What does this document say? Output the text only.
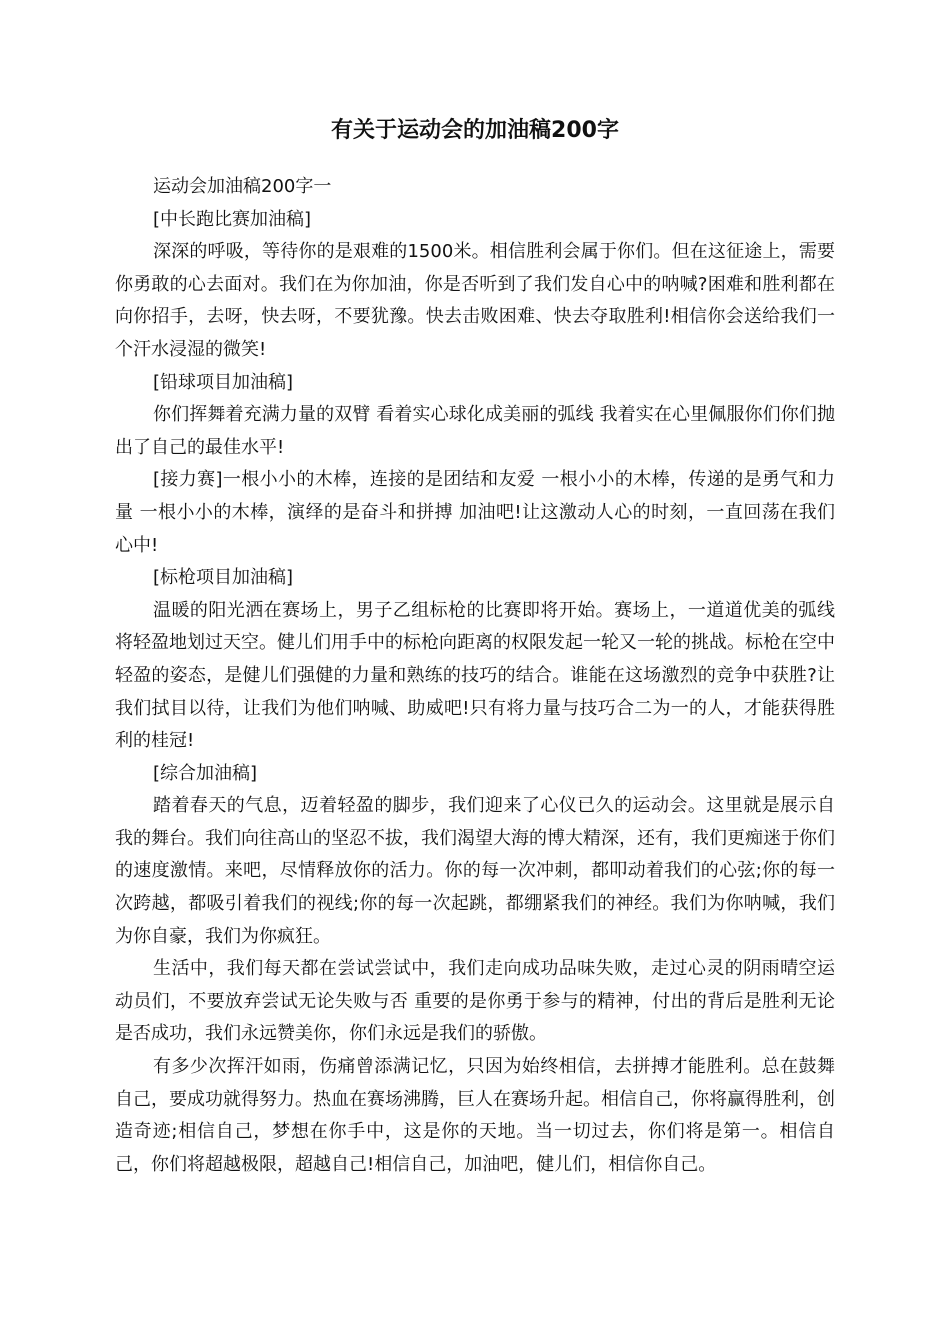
有关于运动会的加油稿200字

运动会加油稿200字一

[中长跑比赛加油稿]

深深的呼吸，等待你的是艰难的1500米。相信胜利会属于你们。但在这征途上，需要你勇敢的心去面对。我们在为你加油，你是否听到了我们发自心中的呐喊?困难和胜利都在向你招手，去呀，快去呀，不要犹豫。快去击败困难、快去夺取胜利!相信你会送给我们一个汗水浸湿的微笑!

[铅球项目加油稿]

你们挥舞着充满力量的双臂 看着实心球化成美丽的弧线 我着实在心里佩服你们你们抛出了自己的最佳水平!

[接力赛]一根小小的木棒，连接的是团结和友爱 一根小小的木棒，传递的是勇气和力量 一根小小的木棒，演绎的是奋斗和拼搏 加油吧!让这激动人心的时刻，一直回荡在我们心中!

[标枪项目加油稿]

温暖的阳光洒在赛场上，男子乙组标枪的比赛即将开始。赛场上，一道道优美的弧线将轻盈地划过天空。健儿们用手中的标枪向距离的权限发起一轮又一轮的挑战。标枪在空中轻盈的姿态，是健儿们强健的力量和熟练的技巧的结合。谁能在这场激烈的竞争中获胜?让我们拭目以待，让我们为他们呐喊、助威吧!只有将力量与技巧合二为一的人，才能获得胜利的桂冠!

[综合加油稿]

踏着春天的气息，迈着轻盈的脚步，我们迎来了心仪已久的运动会。这里就是展示自我的舞台。我们向往高山的坚忍不拔，我们渴望大海的博大精深，还有，我们更痴迷于你们的速度激情。来吧，尽情释放你的活力。你的每一次冲刺，都叩动着我们的心弦;你的每一次跨越，都吸引着我们的视线;你的每一次起跳，都绷紧我们的神经。我们为你呐喊，我们为你自豪，我们为你疯狂。

生活中，我们每天都在尝试尝试中，我们走向成功品味失败，走过心灵的阴雨晴空运动员们，不要放弃尝试无论失败与否 重要的是你勇于参与的精神，付出的背后是胜利无论是否成功，我们永远赞美你，你们永远是我们的骄傲。

有多少次挥汗如雨，伤痛曾添满记忆，只因为始终相信，去拼搏才能胜利。总在鼓舞自己，要成功就得努力。热血在赛场沸腾，巨人在赛场升起。相信自己，你将赢得胜利，创造奇迹;相信自己，梦想在你手中，这是你的天地。当一切过去，你们将是第一。相信自己，你们将超越极限，超越自己!相信自己，加油吧，健儿们，相信你自己。
